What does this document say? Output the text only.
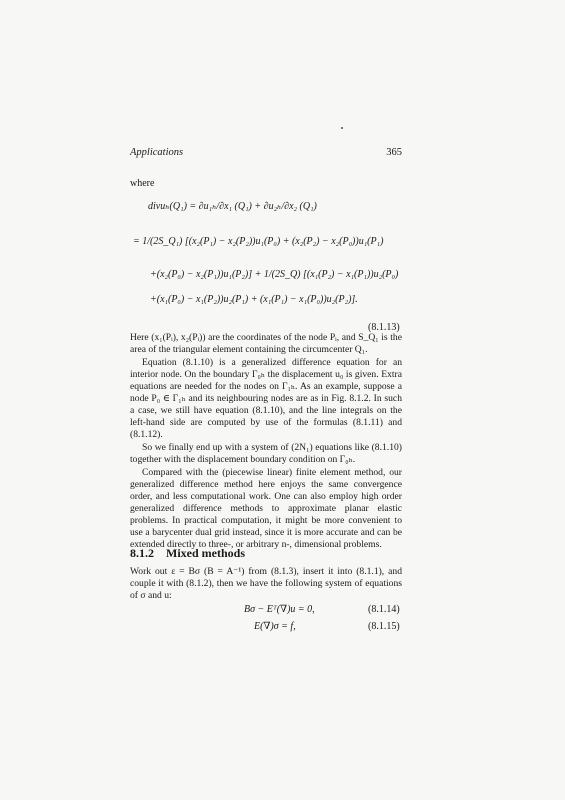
Applications	365
where
divuₕ(Q₁) = ∂u₁ₕ/∂x₁ (Q₁) + ∂u₂ₕ/∂x₂ (Q₁)
= 1/(2S_Q₁) [(x₂(P₁) − x₂(P₂))u₁(P₀) + (x₂(P₂) − x₂(P₀))u₁(P₁)
+(x₂(P₀) − x₂(P₁))u₁(P₂)] + 1/(2S_Q) [(x₁(P₂) − x₁(P₁))u₂(P₀)
+(x₁(P₀) − x₁(P₂))u₂(P₁) + (x₁(P₁) − x₁(P₀))u₂(P₂)].
(8.1.13)
Here (x₁(Pᵢ), x₂(Pᵢ)) are the coordinates of the node Pᵢ, and S_Q₁ is the area of the triangular element containing the circumcenter Q₁.
Equation (8.1.10) is a generalized difference equation for an interior node. On the boundary Γ₀ₕ the displacement u₀ is given. Extra equations are needed for the nodes on Γ₁ₕ. As an example, suppose a node P₀ ∈ Γ₁ₕ and its neighbouring nodes are as in Fig. 8.1.2. In such a case, we still have equation (8.1.10), and the line integrals on the left-hand side are computed by use of the formulas (8.1.11) and (8.1.12).
So we finally end up with a system of (2N₁) equations like (8.1.10) together with the displacement boundary condition on Γ₀ₕ.
Compared with the (piecewise linear) finite element method, our generalized difference method here enjoys the same convergence order, and less computational work. One can also employ high order generalized difference methods to approximate planar elastic problems. In practical computation, it might be more convenient to use a barycenter dual grid instead, since it is more accurate and can be extended directly to three-, or arbitrary n-, dimensional problems.
8.1.2 Mixed methods
Work out ε = Bσ (B = A⁻¹) from (8.1.3), insert it into (8.1.1), and couple it with (8.1.2), then we have the following system of equations of σ and u:
Bσ − Eᵀ(∇)u = 0,	(8.1.14)
E(∇)σ = f,	(8.1.15)
